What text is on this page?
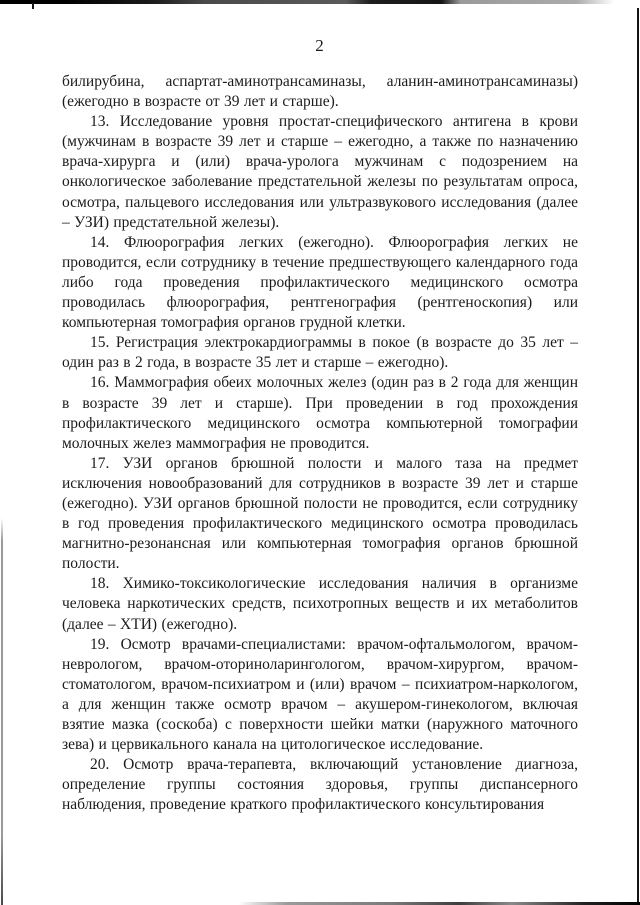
2

билирубина, аспартат-аминотрансаминазы, аланин-аминотрансаминазы) (ежегодно в возрасте от 39 лет и старше).

13. Исследование уровня простат-специфического антигена в крови (мужчинам в возрасте 39 лет и старше – ежегодно, а также по назначению врача-хирурга и (или) врача-уролога мужчинам с подозрением на онкологическое заболевание предстательной железы по результатам опроса, осмотра, пальцевого исследования или ультразвукового исследования (далее – УЗИ) предстательной железы).

14. Флюорография легких (ежегодно). Флюорография легких не проводится, если сотруднику в течение предшествующего календарного года либо года проведения профилактического медицинского осмотра проводилась флюорография, рентгенография (рентгеноскопия) или компьютерная томография органов грудной клетки.

15. Регистрация электрокардиограммы в покое (в возрасте до 35 лет – один раз в 2 года, в возрасте 35 лет и старше – ежегодно).

16. Маммография обеих молочных желез (один раз в 2 года для женщин в возрасте 39 лет и старше). При проведении в год прохождения профилактического медицинского осмотра компьютерной томографии молочных желез маммография не проводится.

17. УЗИ органов брюшной полости и малого таза на предмет исключения новообразований для сотрудников в возрасте 39 лет и старше (ежегодно). УЗИ органов брюшной полости не проводится, если сотруднику в год проведения профилактического медицинского осмотра проводилась магнитно-резонансная или компьютерная томография органов брюшной полости.

18. Химико-токсикологические исследования наличия в организме человека наркотических средств, психотропных веществ и их метаболитов (далее – ХТИ) (ежегодно).

19. Осмотр врачами-специалистами: врачом-офтальмологом, врачом-неврологом, врачом-оториноларингологом, врачом-хирургом, врачом-стоматологом, врачом-психиатром и (или) врачом – психиатром-наркологом, а для женщин также осмотр врачом – акушером-гинекологом, включая взятие мазка (соскоба) с поверхности шейки матки (наружного маточного зева) и цервикального канала на цитологическое исследование.

20. Осмотр врача-терапевта, включающий установление диагноза, определение группы состояния здоровья, группы диспансерного наблюдения, проведение краткого профилактического консультирования
